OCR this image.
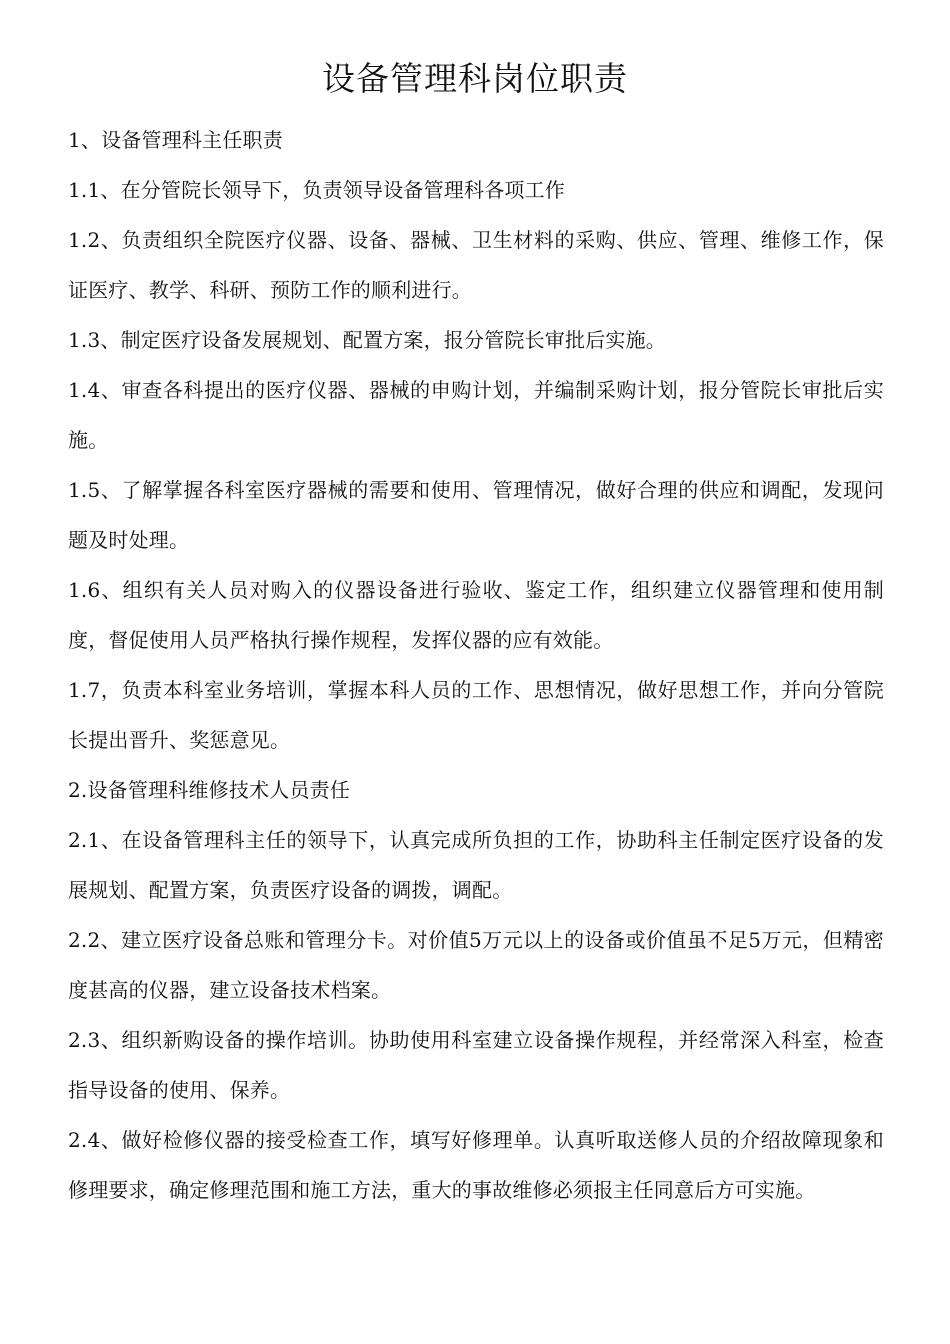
设备管理科岗位职责

1、设备管理科主任职责

1.1、在分管院长领导下，负责领导设备管理科各项工作

1.2、负责组织全院医疗仪器、设备、器械、卫生材料的采购、供应、管理、维修工作，保证医疗、教学、科研、预防工作的顺利进行。

1.3、制定医疗设备发展规划、配置方案，报分管院长审批后实施。

1.4、审查各科提出的医疗仪器、器械的申购计划，并编制采购计划，报分管院长审批后实施。

1.5、了解掌握各科室医疗器械的需要和使用、管理情况，做好合理的供应和调配，发现问题及时处理。

1.6、组织有关人员对购入的仪器设备进行验收、鉴定工作，组织建立仪器管理和使用制度，督促使用人员严格执行操作规程，发挥仪器的应有效能。

1.7，负责本科室业务培训，掌握本科人员的工作、思想情况，做好思想工作，并向分管院长提出晋升、奖惩意见。

2.设备管理科维修技术人员责任

2.1、在设备管理科主任的领导下，认真完成所负担的工作，协助科主任制定医疗设备的发展规划、配置方案，负责医疗设备的调拨，调配。

2.2、建立医疗设备总账和管理分卡。对价值5万元以上的设备或价值虽不足5万元，但精密度甚高的仪器，建立设备技术档案。

2.3、组织新购设备的操作培训。协助使用科室建立设备操作规程，并经常深入科室，检查指导设备的使用、保养。

2.4、做好检修仪器的接受检查工作，填写好修理单。认真听取送修人员的介绍故障现象和修理要求，确定修理范围和施工方法，重大的事故维修必须报主任同意后方可实施。
